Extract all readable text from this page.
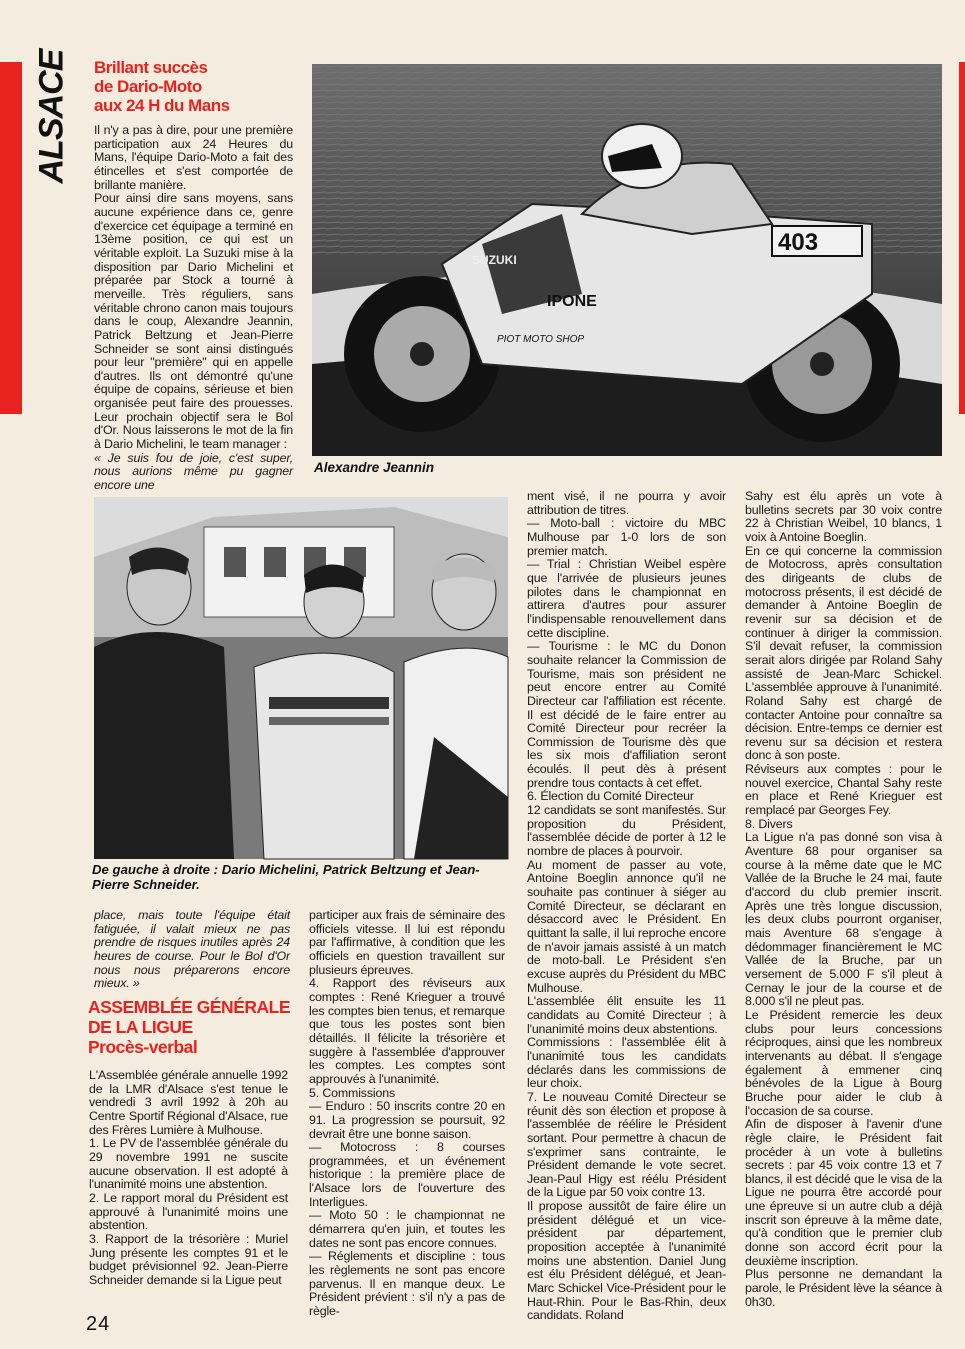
ALSACE Brillant succès
de Dario-Moto
aux 24 H du Mans

Il n'y a pas à dire, pour une première participation aux 24 Heures du Mans, l'équipe Dario-Moto a fait des étincelles et s'est comportée de brillante manière.

Pour ainsi dire sans moyens, sans aucune expérience dans ce, genre d'exercice cet équipage a terminé en 13ème position, ce qui est un véritable exploit. La Suzuki mise à la disposition par Dario Michelini et préparée par Stock a tourné à merveille. Très réguliers, sans véritable chrono canon mais toujours dans le coup, Alexandre Jeannin, Patrick Beltzung et Jean-Pierre Schneider se sont ainsi distingués pour leur "première" qui en appelle d'autres. Ils ont démontré qu'une équipe de copains, sérieuse et bien organisée peut faire des prouesses. Leur prochain objectif sera le Bol d'Or. Nous laisserons le mot de la fin à Dario Michelini, le team manager :

« Je suis fou de joie, c'est super, nous aurions même pu gagner encore une

403
IPONE
PIOT MOTO SHOP
SUZUKI
Alexandre Jeannin
De gauche à droite : Dario Michelini, Patrick Beltzung et Jean-Pierre Schneider.

place, mais toute l'équipe était fatiguée, il valait mieux ne pas prendre de risques inutiles après 24 heures de course. Pour le Bol d'Or nous nous préparerons encore mieux. »

ASSEMBLÉE GÉNÉRALE
DE LA LIGUE
Procès-verbal

L'Assemblée générale annuelle 1992 de la LMR d'Alsace s'est tenue le vendredi 3 avril 1992 à 20h au Centre Sportif Régional d'Alsace, rue des Frères Lumière à Mulhouse.

1. Le PV de l'assemblée générale du 29 novembre 1991 ne suscite aucune observation. Il est adopté à l'unanimité moins une abstention.

2. Le rapport moral du Président est approuvé à l'unanimité moins une abstention.

3. Rapport de la trésorière : Muriel Jung présente les comptes 91 et le budget prévisionnel 92. Jean-Pierre Schneider demande si la Ligue peut

participer aux frais de séminaire des officiels vitesse. Il lui est répondu par l'affirmative, à condition que les officiels en question travaillent sur plusieurs épreuves.

4. Rapport des réviseurs aux comptes : René Krieguer a trouvé les comptes bien tenus, et remarque que tous les postes sont bien détaillés. Il félicite la trésorière et suggère à l'assemblée d'approuver les comptes. Les comptes sont approuvés à l'unanimité.

5. Commissions

— Enduro : 50 inscrits contre 20 en 91. La progression se poursuit, 92 devrait être une bonne saison.

— Motocross : 8 courses programmées, et un événement historique : la première place de l'Alsace lors de l'ouverture des Interligues.

— Moto 50 : le championnat ne démarrera qu'en juin, et toutes les dates ne sont pas encore connues.

— Réglements et discipline : tous les règlements ne sont pas encore parvenus. Il en manque deux. Le Président prévient : s'il n'y a pas de règle-

ment visé, il ne pourra y avoir attribution de titres.

— Moto-ball : victoire du MBC Mulhouse par 1-0 lors de son premier match.

— Trial : Christian Weibel espère que l'arrivée de plusieurs jeunes pilotes dans le championnat en attirera d'autres pour assurer l'indispensable renouvellement dans cette discipline.

— Tourisme : le MC du Donon souhaite relancer la Commission de Tourisme, mais son président ne peut encore entrer au Comité Directeur car l'affiliation est récente. Il est décidé de le faire entrer au Comité Directeur pour recréer la Commission de Tourisme dès que les six mois d'affiliation seront écoulés. Il peut dès à présent prendre tous contacts à cet effet.

6. Élection du Comité Directeur

12 candidats se sont manifestés. Sur proposition du Président, l'assemblée décide de porter à 12 le nombre de places à pourvoir.

Au moment de passer au vote, Antoine Boeglin annonce qu'il ne souhaite pas continuer à siéger au Comité Directeur, se déclarant en désaccord avec le Président. En quittant la salle, il lui reproche encore de n'avoir jamais assisté à un match de moto-ball. Le Président s'en excuse auprès du Président du MBC Mulhouse.

L'assemblée élit ensuite les 11 candidats au Comité Directeur ; à l'unanimité moins deux abstentions.

Commissions : l'assemblée élit à l'unanimité tous les candidats déclarés dans les commissions de leur choix.

7. Le nouveau Comité Directeur se réunit dès son élection et propose à l'assemblée de réélire le Président sortant. Pour permettre à chacun de s'exprimer sans contrainte, le Président demande le vote secret. Jean-Paul Higy est réélu Président de la Ligue par 50 voix contre 13.

Il propose aussitôt de faire élire un président délégué et un vice-président par département, proposition acceptée à l'unanimité moins une abstention. Daniel Jung est élu Président délégué, et Jean-Marc Schickel Vice-Président pour le Haut-Rhin. Pour le Bas-Rhin, deux candidats. Roland

Sahy est élu après un vote à bulletins secrets par 30 voix contre 22 à Christian Weibel, 10 blancs, 1 voix à Antoine Boeglin.

En ce qui concerne la commission de Motocross, après consultation des dirigeants de clubs de motocross présents, il est décidé de demander à Antoine Boeglin de revenir sur sa décision et de continuer à diriger la commission. S'il devait refuser, la commission serait alors dirigée par Roland Sahy assisté de Jean-Marc Schickel. L'assemblée approuve à l'unanimité. Roland Sahy est chargé de contacter Antoine pour connaître sa décision. Entre-temps ce dernier est revenu sur sa décision et restera donc à son poste.

Réviseurs aux comptes : pour le nouvel exercice, Chantal Sahy reste en place et René Krieguer est remplacé par Georges Fey.

8. Divers

La Ligue n'a pas donné son visa à Aventure 68 pour organiser sa course à la même date que le MC Vallée de la Bruche le 24 mai, faute d'accord du club premier inscrit. Après une très longue discussion, les deux clubs pourront organiser, mais Aventure 68 s'engage à dédommager financièrement le MC Vallée de la Bruche, par un versement de 5.000 F s'il pleut à Cernay le jour de la course et de 8.000 s'il ne pleut pas.

Le Président remercie les deux clubs pour leurs concessions réciproques, ainsi que les nombreux intervenants au débat. Il s'engage également à emmener cinq bénévoles de la Ligue à Bourg Bruche pour aider le club à l'occasion de sa course.

Afin de disposer à l'avenir d'une règle claire, le Président fait procéder à un vote à bulletins secrets : par 45 voix contre 13 et 7 blancs, il est décidé que le visa de la Ligue ne pourra être accordé pour une épreuve si un autre club a déjà inscrit son épreuve à la même date, qu'à condition que le premier club donne son accord écrit pour la deuxième inscription.

Plus personne ne demandant la parole, le Président lève la séance à 0h30.

24
